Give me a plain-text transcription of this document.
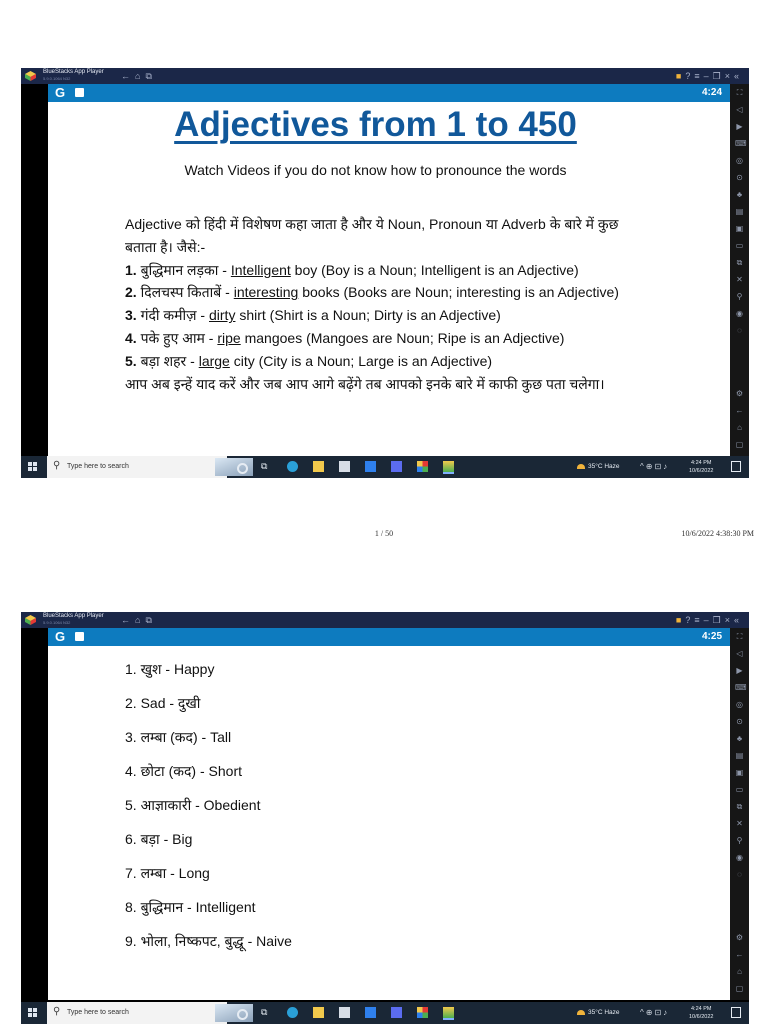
BlueStacks App Player
5.9.0.1064 N32	←⌂⧉	■?≡–❐×«
G	4:24
Adjectives from 1 to 450
Watch Videos if you do not know how to pronounce the words

Adjective को हिंदी में विशेषण कहा जाता है और ये Noun, Pronoun या Adverb के बारे में कुछ बताता है। जैसे:-

1. बुद्धिमान लड़का - Intelligent boy (Boy is a Noun; Intelligent is an Adjective)

2. दिलचस्प किताबें - interesting books (Books are Noun; interesting is an Adjective)

3. गंदी कमीज़ - dirty shirt (Shirt is a Noun; Dirty is an Adjective)

4. पके हुए आम - ripe mangoes (Mangoes are Noun; Ripe is an Adjective)

5. बड़ा शहर - large city (City is a Noun; Large is an Adjective)

आप अब इन्हें याद करें और जब आप आगे बढ़ेंगे तब आपको इनके बारे में काफी कुछ पता चलेगा।

⛶
◁
▶
⌨
◎
⊙
♣
▤
▣
▭
⧉
✕
⚲
◉
◌
⚙
←
⌂
▢
⚲ Type here to search	⧉	35°C Haze	^⊕⊡♪	4:24 PM
10/6/2022
1 / 50	10/6/2022 4:38:30 PM
BlueStacks App Player
5.9.0.1064 N32	←⌂⧉	■?≡–❐×«
G	4:25
1. खुश - Happy
2. Sad - दुखी
3. लम्बा (कद) - Tall
4. छोटा (कद) - Short
5. आज्ञाकारी - Obedient
6. बड़ा - Big
7. लम्बा - Long
8. बुद्धिमान - Intelligent
9. भोला, निष्कपट, बुद्धू - Naive
⛶
◁
▶
⌨
◎
⊙
♣
▤
▣
▭
⧉
✕
⚲
◉
◌
⚙
←
⌂
▢
⚲ Type here to search	⧉	35°C Haze	^⊕⊡♪	4:24 PM
10/6/2022
